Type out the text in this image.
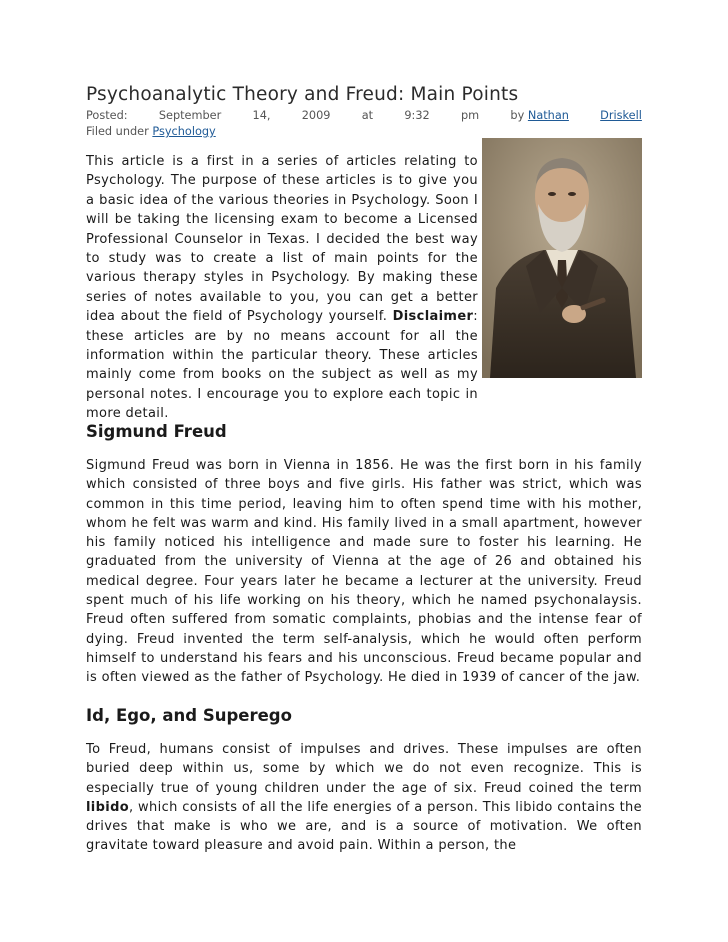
Psychoanalytic Theory and Freud: Main Points
Posted:	September	14,	2009	at	9:32	pm	by Nathan	Driskell
Filed under Psychology

This article is a first in a series of articles relating to Psychology. The purpose of these articles is to give you a basic idea of the various theories in Psychology. Soon I will be taking the licensing exam to become a Licensed Professional Counselor in Texas. I decided the best way to study was to create a list of main points for the various therapy styles in Psychology. By making these series of notes available to you, you can get a better idea about the field of Psychology yourself. Disclaimer: these articles are by no means account for all the information within the particular theory. These articles mainly come from books on the subject as well as my personal notes. I encourage you to explore each topic in more detail.

Sigmund Freud

Sigmund Freud was born in Vienna in 1856. He was the first born in his family which consisted of three boys and five girls. His father was strict, which was common in this time period, leaving him to often spend time with his mother, whom he felt was warm and kind. His family lived in a small apartment, however his family noticed his intelligence and made sure to foster his learning. He graduated from the university of Vienna at the age of 26 and obtained his medical degree. Four years later he became a lecturer at the university. Freud spent much of his life working on his theory, which he named psychonalaysis. Freud often suffered from somatic complaints, phobias and the intense fear of dying. Freud invented the term self-analysis, which he would often perform himself to understand his fears and his unconscious. Freud became popular and is often viewed as the father of Psychology. He died in 1939 of cancer of the jaw.

Id, Ego, and Superego

To Freud, humans consist of impulses and drives. These impulses are often buried deep within us, some by which we do not even recognize. This is especially true of young children under the age of six. Freud coined the term libido, which consists of all the life energies of a person. This libido contains the drives that make is who we are, and is a source of motivation. We often gravitate toward pleasure and avoid pain. Within a person, the
